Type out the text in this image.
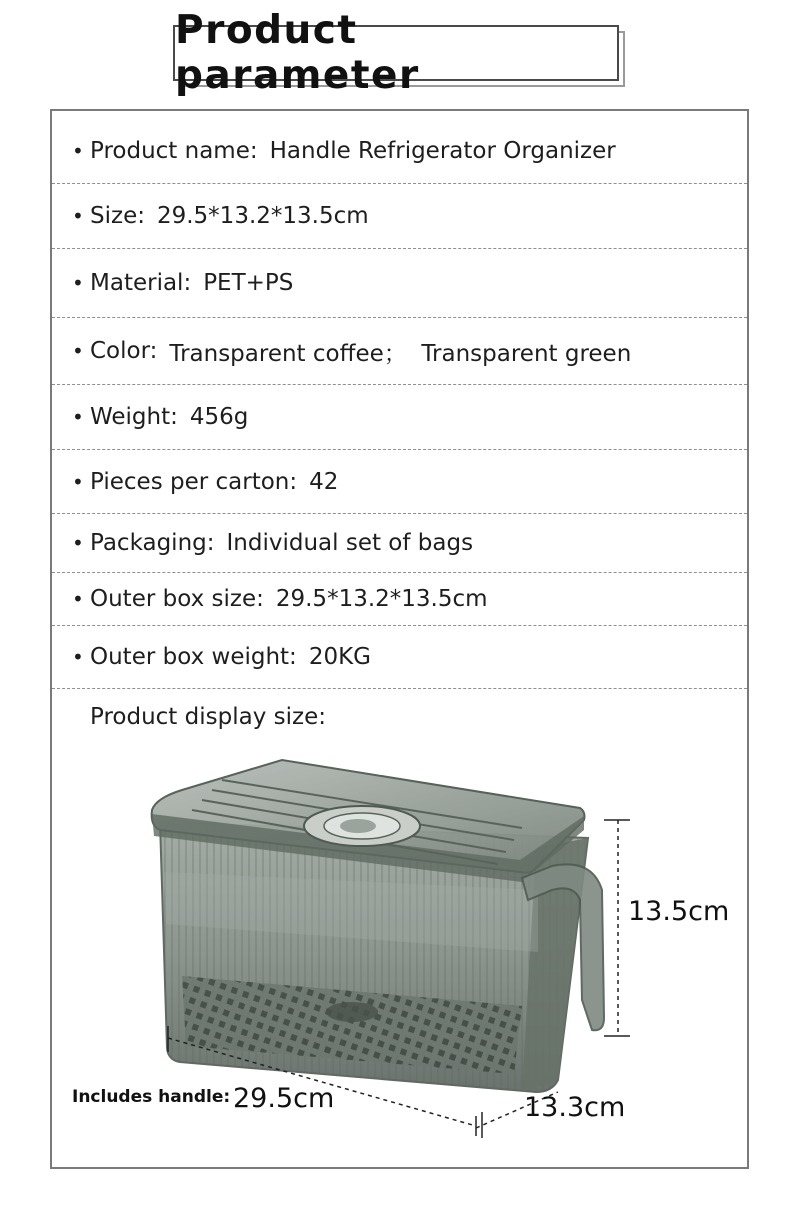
Product parameter
• Product name: Handle Refrigerator Organizer
• Size: 29.5*13.2*13.5cm
• Material: PET+PS
• Color: Transparent coffee；  Transparent green
• Weight: 456g
• Pieces per carton: 42
• Packaging: Individual set of bags
• Outer box size: 29.5*13.2*13.5cm
• Outer box weight: 20KG
Product display size:
13.5cm
29.5cm	13.3cm
Includes handle:
